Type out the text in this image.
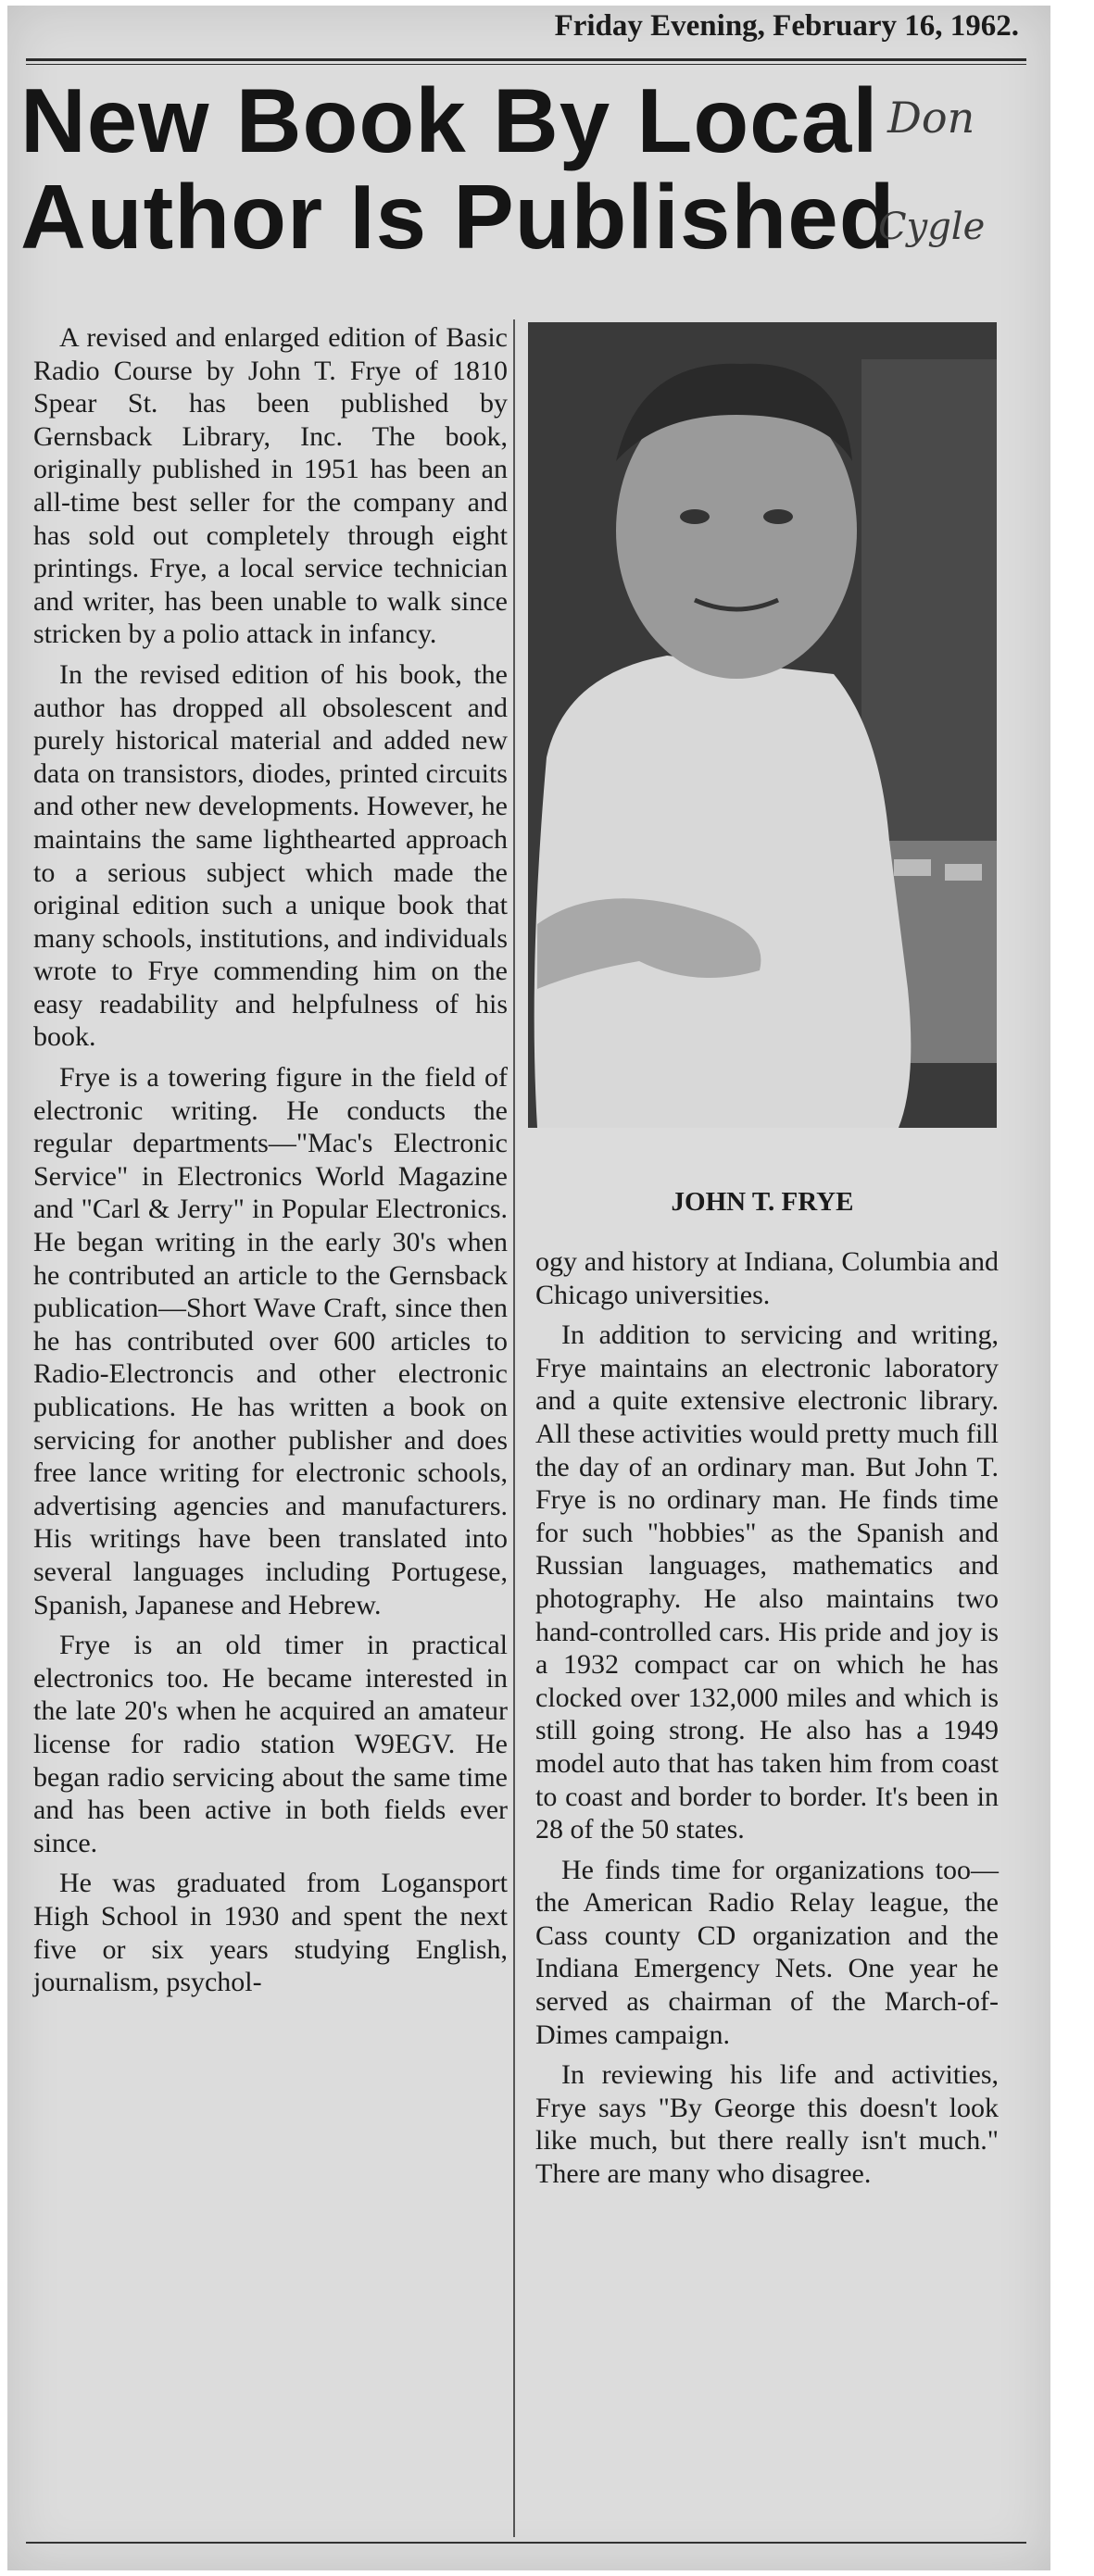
Friday Evening, February 16, 1962.
New Book By Local
Author Is Published
Don
Cygle

A revised and enlarged edition of Basic Radio Course by John T. Frye of 1810 Spear St. has been published by Gernsback Library, Inc. The book, originally published in 1951 has been an all-time best seller for the company and has sold out completely through eight printings. Frye, a local service technician and writer, has been unable to walk since stricken by a polio attack in infancy.

In the revised edition of his book, the author has dropped all obsolescent and purely historical material and added new data on transistors, diodes, printed circuits and other new developments. However, he maintains the same lighthearted approach to a serious subject which made the original edition such a unique book that many schools, institutions, and individuals wrote to Frye commending him on the easy readability and helpfulness of his book.

Frye is a towering figure in the field of electronic writing. He conducts the regular departments—"Mac's Electronic Service" in Electronics World Magazine and "Carl & Jerry" in Popular Electronics. He began writing in the early 30's when he contributed an article to the Gernsback publication—Short Wave Craft, since then he has contributed over 600 articles to Radio-Electroncis and other electronic publications. He has written a book on servicing for another publisher and does free lance writing for electronic schools, advertising agencies and manufacturers. His writings have been translated into several languages including Portugese, Spanish, Japanese and Hebrew.

Frye is an old timer in practical electronics too. He became interested in the late 20's when he acquired an amateur license for radio station W9EGV. He began radio servicing about the same time and has been active in both fields ever since.

He was graduated from Logansport High School in 1930 and spent the next five or six years studying English, journalism, psychol-

JOHN T. FRYE

ogy and history at Indiana, Columbia and Chicago universities.

In addition to servicing and writing, Frye maintains an electronic laboratory and a quite extensive electronic library. All these activities would pretty much fill the day of an ordinary man. But John T. Frye is no ordinary man. He finds time for such "hobbies" as the Spanish and Russian languages, mathematics and photography. He also maintains two hand-controlled cars. His pride and joy is a 1932 compact car on which he has clocked over 132,000 miles and which is still going strong. He also has a 1949 model auto that has taken him from coast to coast and border to border. It's been in 28 of the 50 states.

He finds time for organizations too—the American Radio Relay league, the Cass county CD organization and the Indiana Emergency Nets. One year he served as chairman of the March-of-Dimes campaign.

In reviewing his life and activities, Frye says "By George this doesn't look like much, but there really isn't much." There are many who disagree.
